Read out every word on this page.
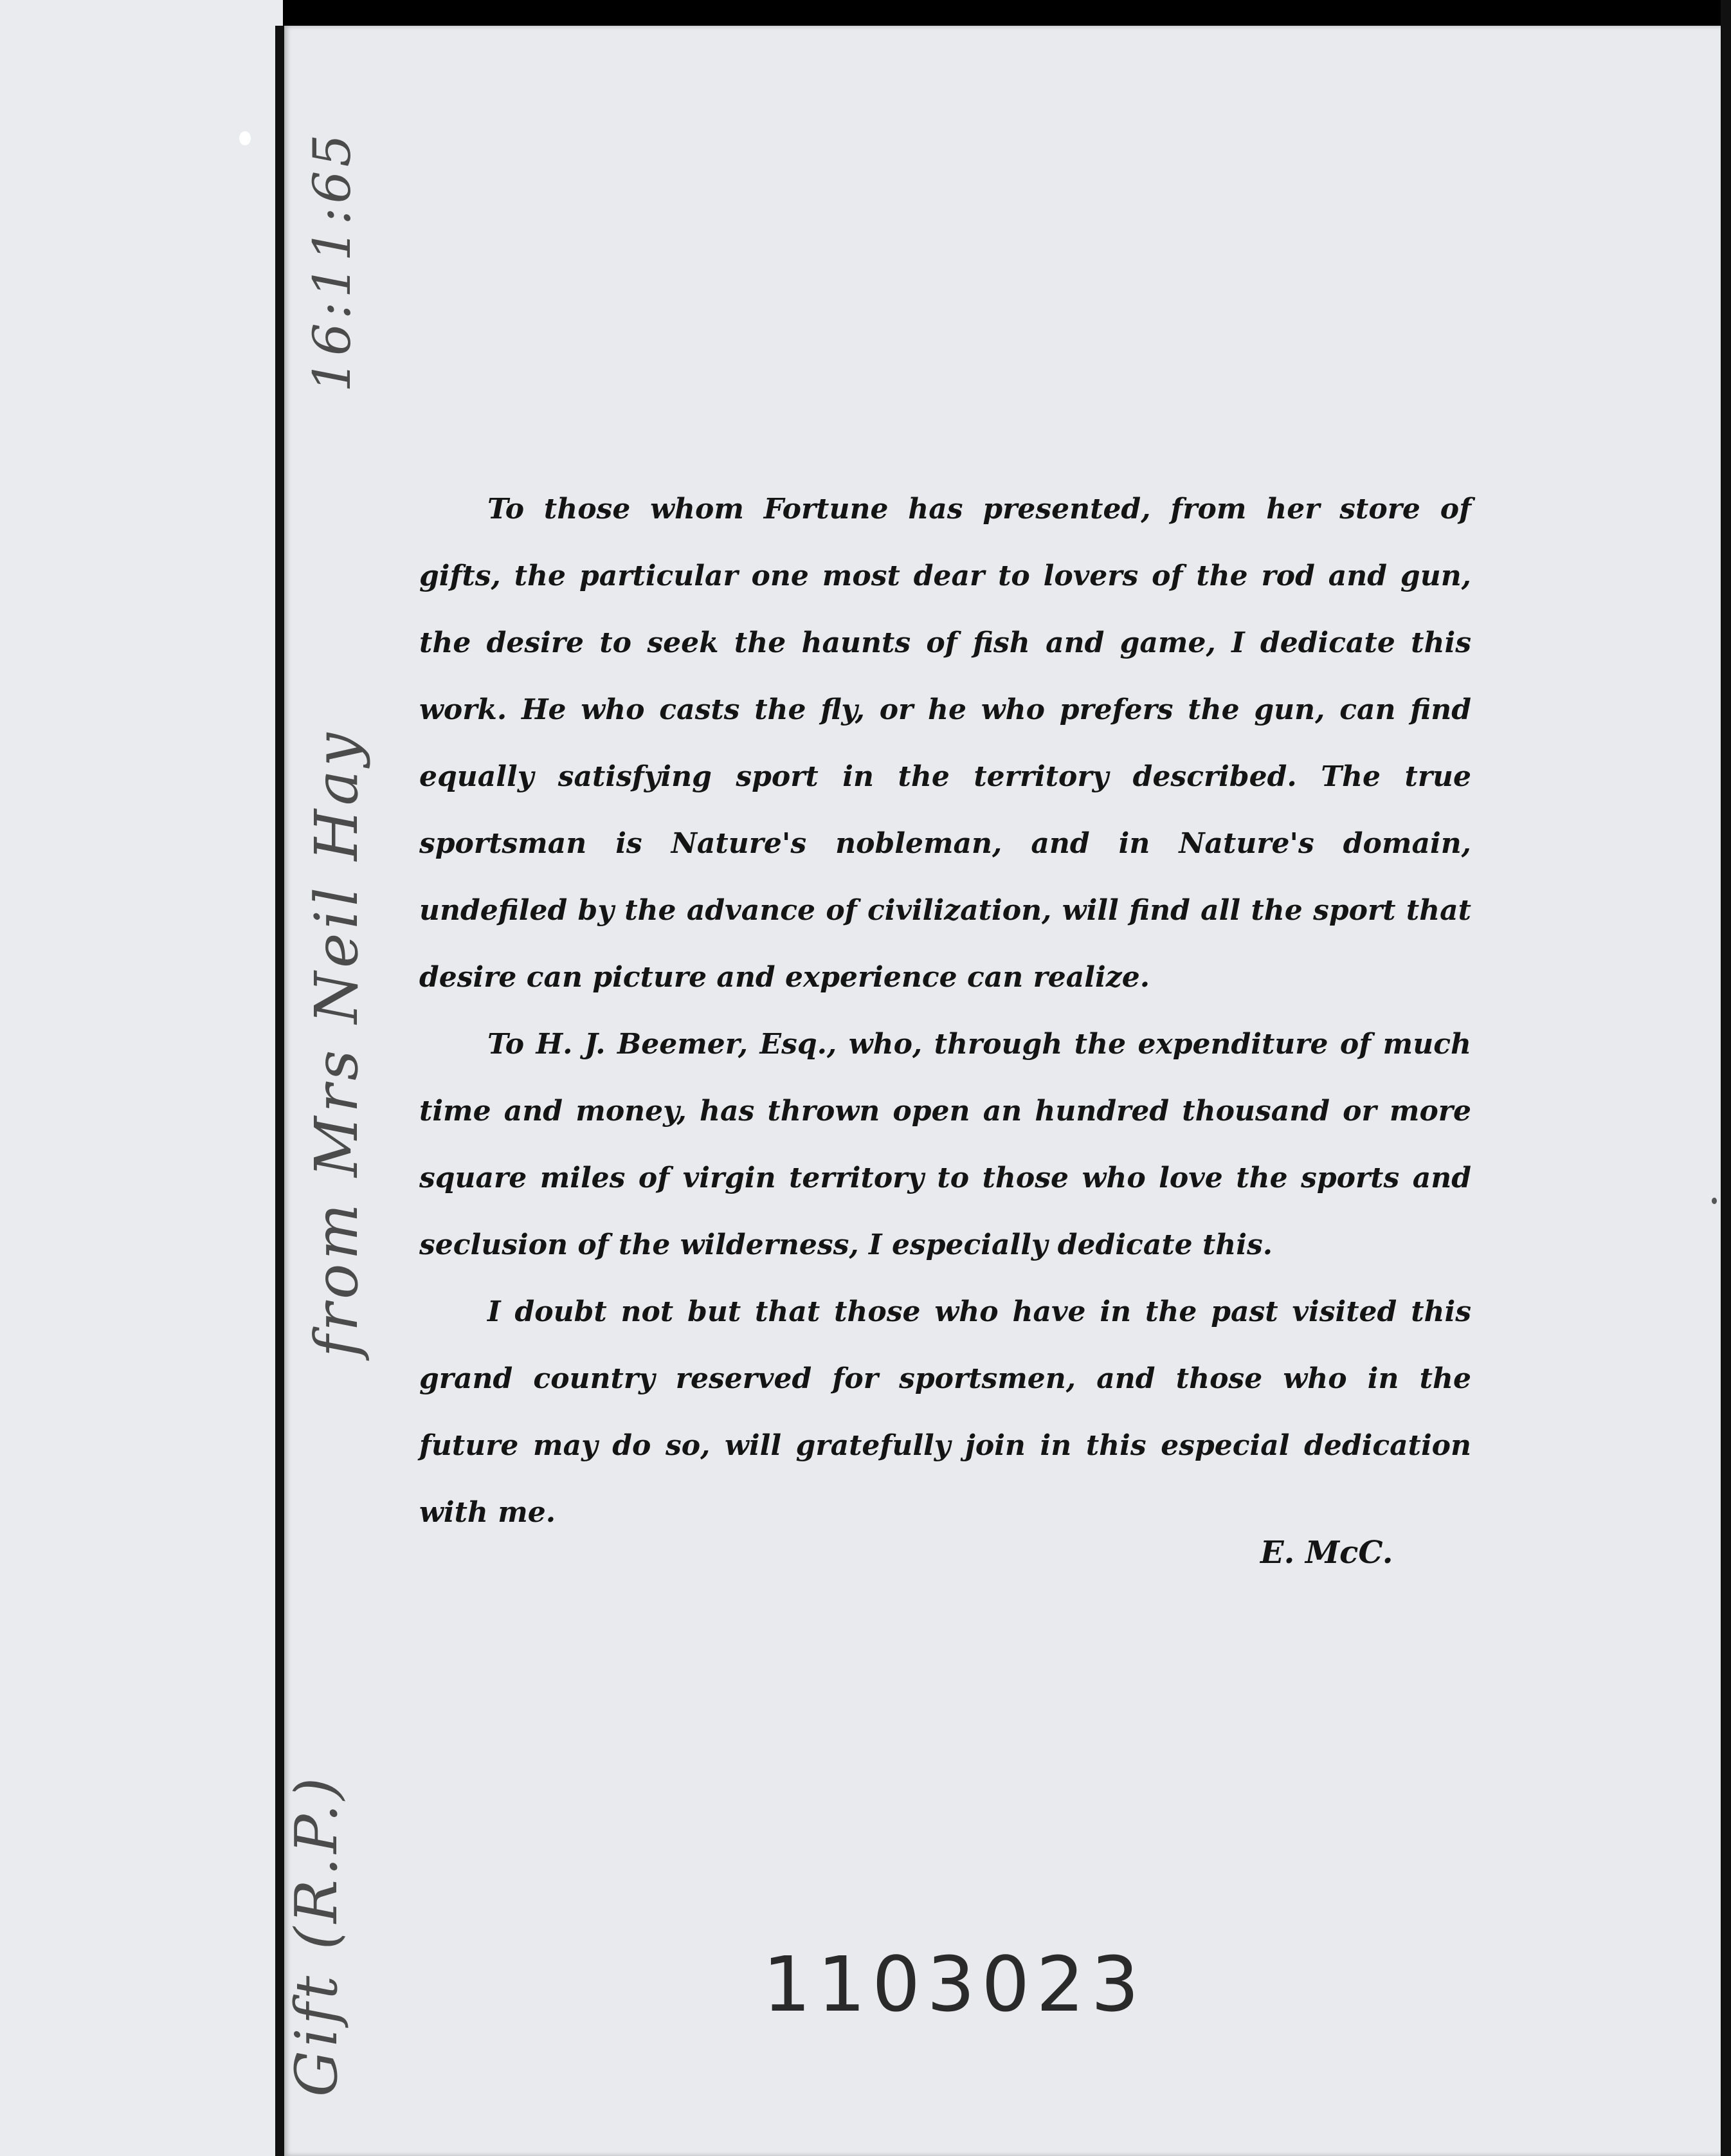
16:11:65
from Mrs Neil Hay
Gift (R.P.)

To those whom Fortune has presented, from her store of gifts, the particular one most dear to lovers of the rod and gun, the desire to seek the haunts of fish and game, I dedicate this work. He who casts the fly, or he who prefers the gun, can find equally satisfying sport in the territory described. The true sportsman is Nature's nobleman, and in Nature's domain, undefiled by the advance of civilization, will find all the sport that desire can picture and experience can realize.

To H. J. Beemer, Esq., who, through the expenditure of much time and money, has thrown open an hundred thousand or more square miles of virgin territory to those who love the sports and seclusion of the wilderness, I especially dedicate this.

I doubt not but that those who have in the past visited this grand country reserved for sportsmen, and those who in the future may do so, will gratefully join in this especial dedication with me.

E. McC.
1103023
